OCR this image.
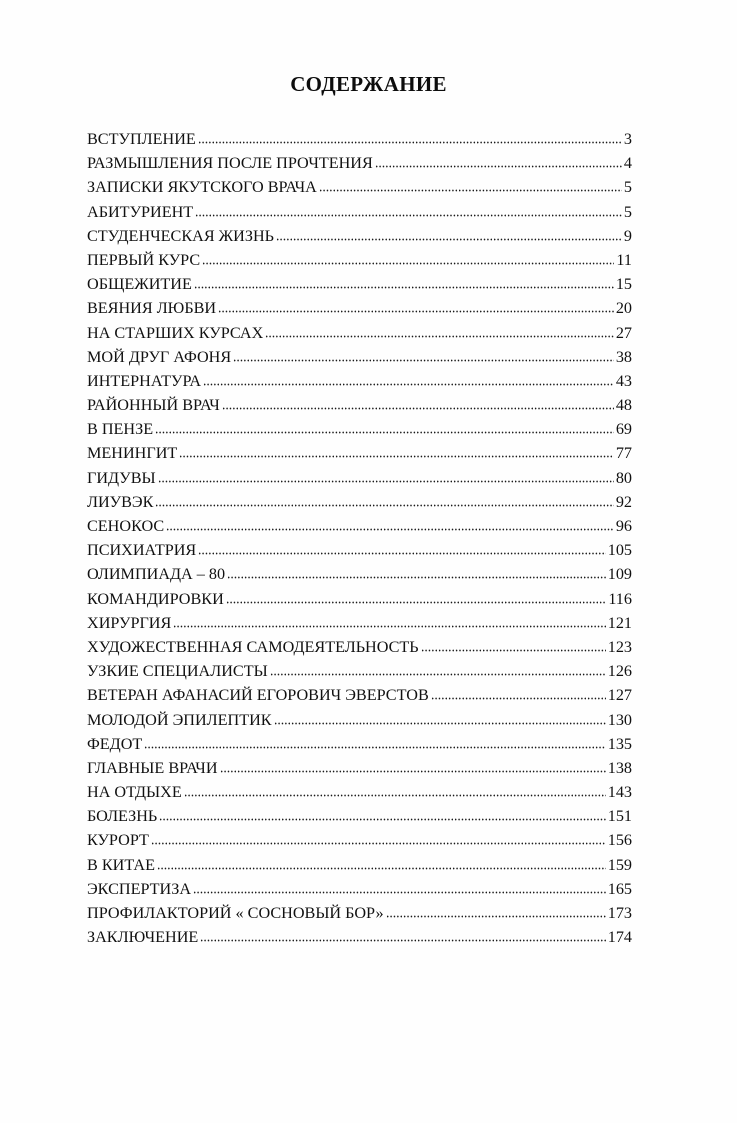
СОДЕРЖАНИЕ
ВСТУПЛЕНИЕ	3
РАЗМЫШЛЕНИЯ ПОСЛЕ ПРОЧТЕНИЯ	4
ЗАПИСКИ ЯКУТСКОГО ВРАЧА	5
АБИТУРИЕНТ	5
СТУДЕНЧЕСКАЯ ЖИЗНЬ	9
ПЕРВЫЙ КУРС	11
ОБЩЕЖИТИЕ	15
ВЕЯНИЯ ЛЮБВИ	20
НА СТАРШИХ КУРСАХ	27
МОЙ ДРУГ АФОНЯ	38
ИНТЕРНАТУРА	43
РАЙОННЫЙ ВРАЧ	48
В ПЕНЗЕ	69
МЕНИНГИТ	77
ГИДУВЫ	80
ЛИУВЭК	92
СЕНОКОС	96
ПСИХИАТРИЯ	105
ОЛИМПИАДА – 80	109
КОМАНДИРОВКИ	116
ХИРУРГИЯ	121
ХУДОЖЕСТВЕННАЯ САМОДЕЯТЕЛЬНОСТЬ	123
УЗКИЕ СПЕЦИАЛИСТЫ	126
ВЕТЕРАН АФАНАСИЙ ЕГОРОВИЧ ЭВЕРСТОВ	127
МОЛОДОЙ ЭПИЛЕПТИК	130
ФЕДОТ	135
ГЛАВНЫЕ ВРАЧИ	138
НА ОТДЫХЕ	143
БОЛЕЗНЬ	151
КУРОРТ	156
В КИТАЕ	159
ЭКСПЕРТИЗА	165
ПРОФИЛАКТОРИЙ « СОСНОВЫЙ БОР»	173
ЗАКЛЮЧЕНИЕ	174
